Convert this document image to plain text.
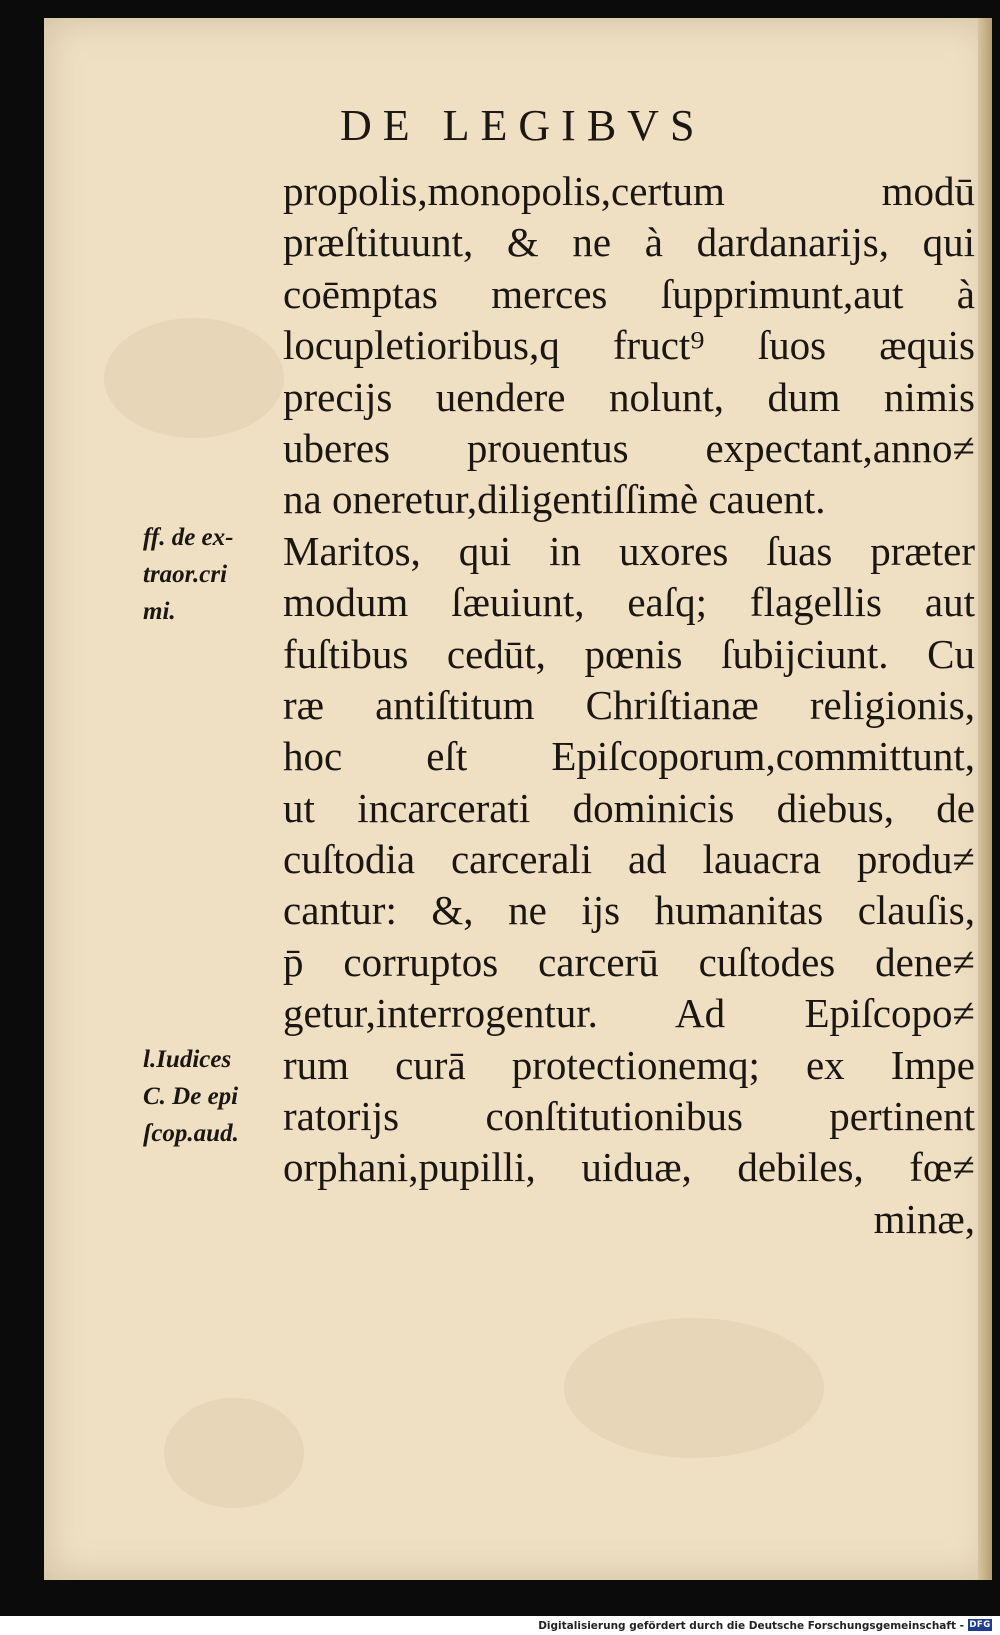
DE LEGIBVS
propolis,monopolis,certum modū
præſtituunt, & ne à dardanarijs, qui
coēmptas merces ſupprimunt,aut à
locupletioribus,q fruct⁹ ſuos æquis
precijs uendere nolunt, dum nimis
uberes prouentus expectant,anno≠
na oneretur,diligentiſſimè cauent.
Maritos, qui in uxores ſuas præter
modum ſæuiunt, eaſq; flagellis aut
fuſtibus cedūt, pœnis ſubijciunt. Cu
ræ antiſtitum Chriſtianæ religionis,
hoc eſt Epiſcoporum,committunt,
ut incarcerati dominicis diebus, de
cuſtodia carcerali ad lauacra produ≠
cantur: &, ne ijs humanitas clauſis,
p̄ corruptos carcerū cuſtodes dene≠
getur,interrogentur. Ad Epiſcopo≠
rum curā protectionemq; ex Impe
ratorijs conſtitutionibus pertinent
orphani,pupilli, uiduæ, debiles, fœ≠
minæ,
ff. de ex-
traor.cri
mi.
l.Iudices
C. De epi
ſcop.aud.
Digitalisierung gefördert durch die Deutsche Forschungsgemeinschaft - DFG
